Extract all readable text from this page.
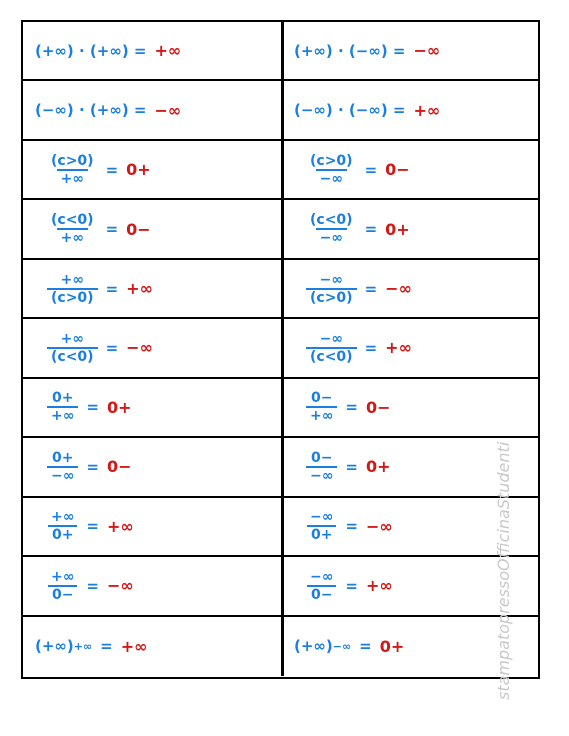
(+∞) · (+∞) = +∞	(+∞) · (−∞) = −∞
(−∞) · (+∞) = −∞	(−∞) · (−∞) = +∞
$\frac{(c>0)}{+\infty} = 0+$	$\frac{(c>0)}{-\infty} = 0-$
$\frac{(c<0)}{+\infty} = 0-$	$\frac{(c<0)}{-\infty} = 0+$
$\frac{+\infty}{(c>0)}$ = +∞	$\frac{-\infty}{(c>0)}$ = −∞
$\frac{+\infty}{(c<0)}$ = −∞	$\frac{-\infty}{(c<0)}$ = +∞
$\frac{0+}{+\infty} = 0+$	$\frac{0-}{+\infty} = 0-$
$\frac{0+}{-\infty} = 0-$	$\frac{0-}{-\infty} = 0+$
$\frac{+\infty}{0+}$ = +∞	$\frac{-\infty}{0+}$ = −∞
$\frac{+\infty}{0-}$ = −∞	$\frac{-\infty}{0-}$ = +∞
(+∞) +∞ = +∞	(+∞) −∞ = 0+	stampatopressoOfficinaStudenti
